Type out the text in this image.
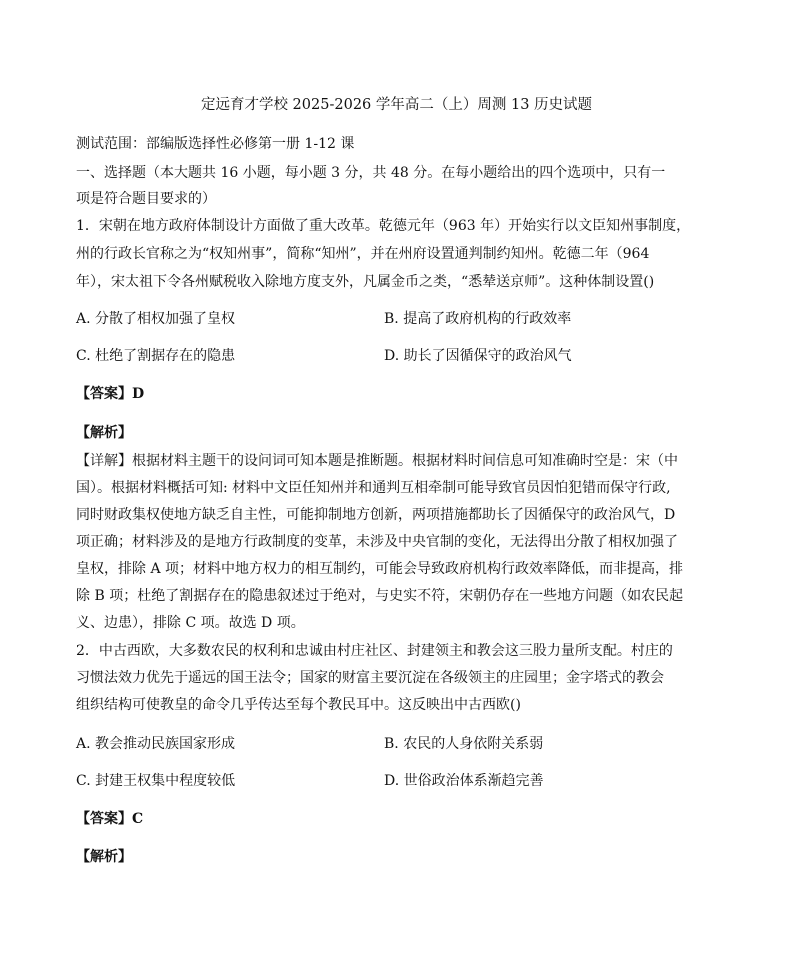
定远育才学校 2025-2026 学年高二（上）周测 13 历史试题
测试范围：部编版选择性必修第一册 1-12 课
一、选择题（本大题共 16 小题，每小题 3 分，共 48 分。在每小题给出的四个选项中，只有一
项是符合题目要求的）
1．宋朝在地方政府体制设计方面做了重大改革。乾德元年（963 年）开始实行以文臣知州事制度，
州的行政长官称之为“权知州事”，简称“知州”，并在州府设置通判制约知州。乾德二年（964
年），宋太祖下令各州赋税收入除地方度支外，凡属金币之类，“悉辇送京师”。这种体制设置()
A. 分散了相权加强了皇权	B. 提高了政府机构的行政效率
C. 杜绝了割据存在的隐患	D. 助长了因循保守的政治风气
【答案】D
【解析】
【详解】根据材料主题干的设问词可知本题是推断题。根据材料时间信息可知准确时空是：宋（中
国）。根据材料概括可知: 材料中文臣任知州并和通判互相牵制可能导致官员因怕犯错而保守行政,
同时财政集权使地方缺乏自主性，可能抑制地方创新，两项措施都助长了因循保守的政治风气，D
项正确；材料涉及的是地方行政制度的变革，未涉及中央官制的变化，无法得出分散了相权加强了
皇权，排除 A 项；材料中地方权力的相互制约，可能会导致政府机构行政效率降低，而非提高，排
除 B 项；杜绝了割据存在的隐患叙述过于绝对，与史实不符，宋朝仍存在一些地方问题（如农民起
义、边患），排除 C 项。故选 D 项。
2．中古西欧，大多数农民的权利和忠诚由村庄社区、封建领主和教会这三股力量所支配。村庄的
习惯法效力优先于遥远的国王法令；国家的财富主要沉淀在各级领主的庄园里；金字塔式的教会
组织结构可使教皇的命令几乎传达至每个教民耳中。这反映出中古西欧()
A. 教会推动民族国家形成	B. 农民的人身依附关系弱
C. 封建王权集中程度较低	D. 世俗政治体系渐趋完善
【答案】C
【解析】
